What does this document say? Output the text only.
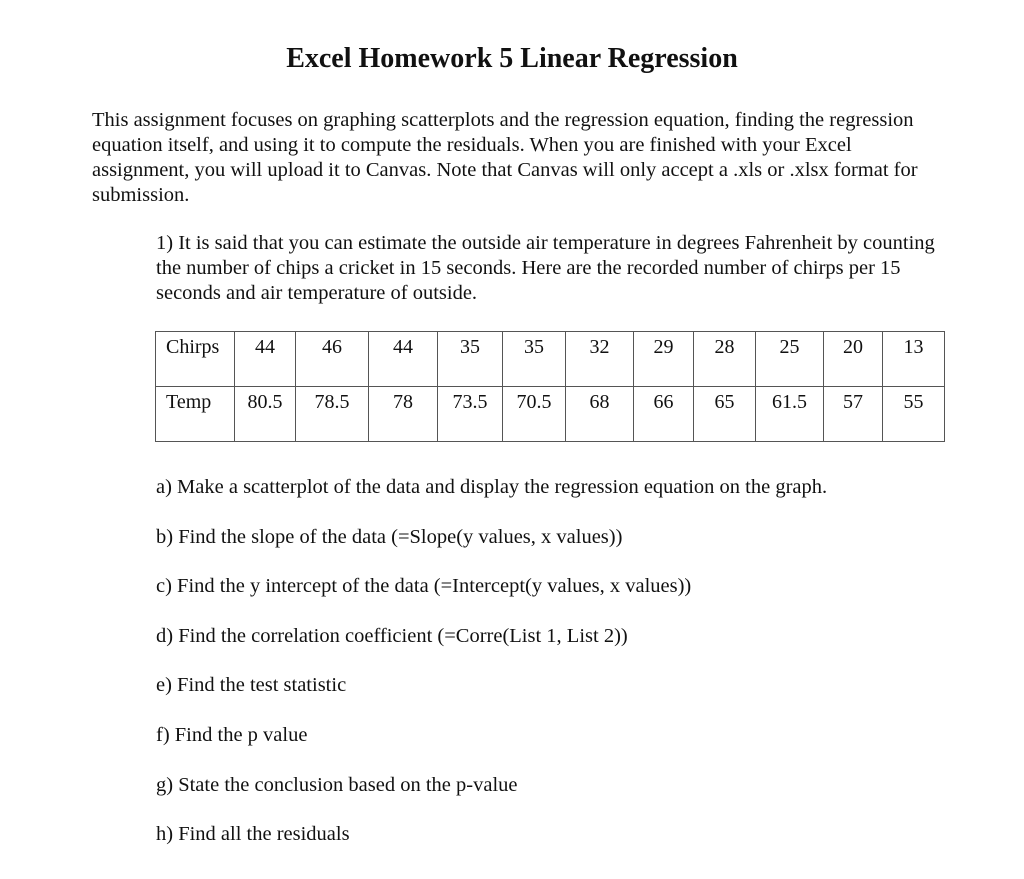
Excel Homework 5 Linear Regression

This assignment focuses on graphing scatterplots and the regression equation, finding the regression equation itself, and using it to compute the residuals. When you are finished with your Excel assignment, you will upload it to Canvas. Note that Canvas will only accept a .xls or .xlsx format for submission.

1) It is said that you can estimate the outside air temperature in degrees Fahrenheit by counting the number of chips a cricket in 15 seconds. Here are the recorded number of chirps per 15 seconds and air temperature of outside.

Chirps	44	46	44	35	35	32	29	28	25	20	13
Temp	80.5	78.5	78	73.5	70.5	68	66	65	61.5	57	55
a) Make a scatterplot of the data and display the regression equation on the graph.
b) Find the slope of the data (=Slope(y values, x values))
c) Find the y intercept of the data (=Intercept(y values, x values))
d) Find the correlation coefficient (=Corre(List 1, List 2))
e) Find the test statistic
f) Find the p value
g) State the conclusion based on the p-value
h) Find all the residuals
